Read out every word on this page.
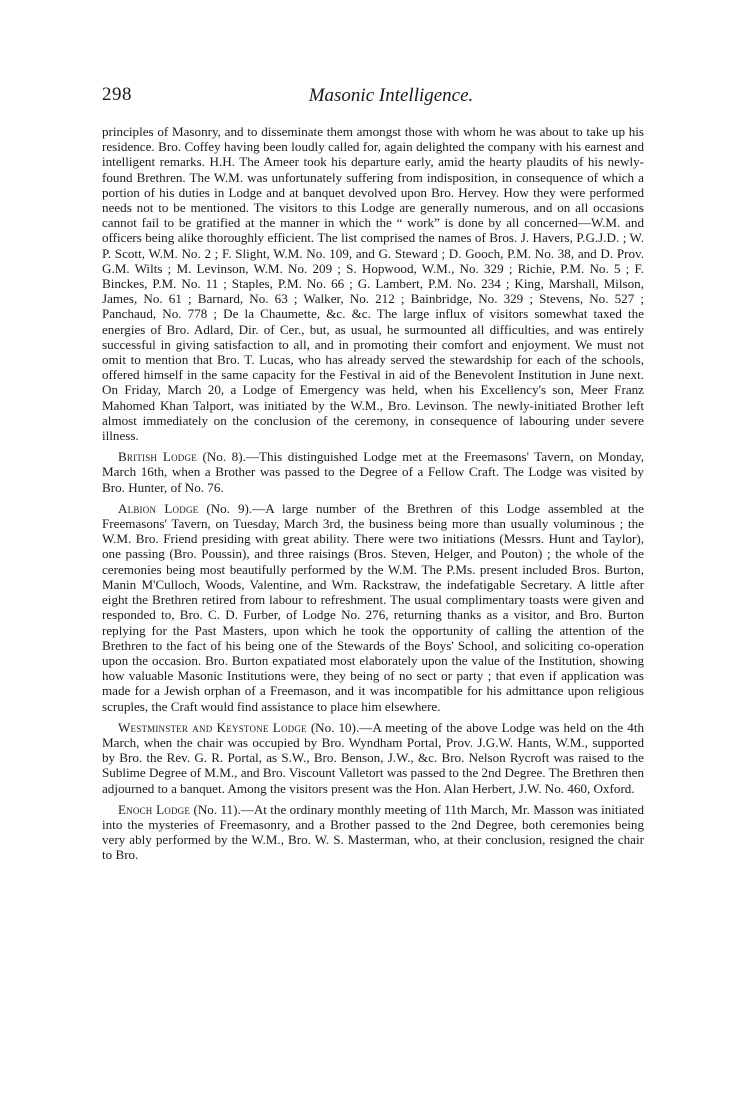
298	Masonic Intelligence.

principles of Masonry, and to disseminate them amongst those with whom he was about to take up his residence. Bro. Coffey having been loudly called for, again delighted the company with his earnest and intelligent remarks. H.H. The Ameer took his departure early, amid the hearty plaudits of his newly-found Brethren. The W.M. was unfortunately suffering from indisposition, in consequence of which a portion of his duties in Lodge and at banquet devolved upon Bro. Hervey. How they were performed needs not to be mentioned. The visitors to this Lodge are generally numerous, and on all occasions cannot fail to be gratified at the manner in which the “ work” is done by all concerned—W.M. and officers being alike thoroughly efficient. The list comprised the names of Bros. J. Havers, P.G.J.D. ; W. P. Scott, W.M. No. 2 ; F. Slight, W.M. No. 109, and G. Steward ; D. Gooch, P.M. No. 38, and D. Prov. G.M. Wilts ; M. Levinson, W.M. No. 209 ; S. Hopwood, W.M., No. 329 ; Richie, P.M. No. 5 ; F. Binckes, P.M. No. 11 ; Staples, P.M. No. 66 ; G. Lambert, P.M. No. 234 ; King, Marshall, Milson, James, No. 61 ; Barnard, No. 63 ; Walker, No. 212 ; Bainbridge, No. 329 ; Stevens, No. 527 ; Panchaud, No. 778 ; De la Chaumette, &c. &c. The large influx of visitors somewhat taxed the energies of Bro. Adlard, Dir. of Cer., but, as usual, he surmounted all difficulties, and was entirely successful in giving satisfaction to all, and in promoting their comfort and enjoyment. We must not omit to mention that Bro. T. Lucas, who has already served the stewardship for each of the schools, offered himself in the same capacity for the Festival in aid of the Benevolent Institution in June next. On Friday, March 20, a Lodge of Emergency was held, when his Excellency's son, Meer Franz Mahomed Khan Talport, was initiated by the W.M., Bro. Levinson. The newly-initiated Brother left almost immediately on the conclusion of the ceremony, in consequence of labouring under severe illness.

British Lodge (No. 8).—This distinguished Lodge met at the Freemasons' Tavern, on Monday, March 16th, when a Brother was passed to the Degree of a Fellow Craft. The Lodge was visited by Bro. Hunter, of No. 76.

Albion Lodge (No. 9).—A large number of the Brethren of this Lodge assembled at the Freemasons' Tavern, on Tuesday, March 3rd, the business being more than usually voluminous ; the W.M. Bro. Friend presiding with great ability. There were two initiations (Messrs. Hunt and Taylor), one passing (Bro. Poussin), and three raisings (Bros. Steven, Helger, and Pouton) ; the whole of the ceremonies being most beautifully performed by the W.M. The P.Ms. present included Bros. Burton, Manin M'Culloch, Woods, Valentine, and Wm. Rackstraw, the indefatigable Secretary. A little after eight the Brethren retired from labour to refreshment. The usual complimentary toasts were given and responded to, Bro. C. D. Furber, of Lodge No. 276, returning thanks as a visitor, and Bro. Burton replying for the Past Masters, upon which he took the opportunity of calling the attention of the Brethren to the fact of his being one of the Stewards of the Boys' School, and soliciting co-operation upon the occasion. Bro. Burton expatiated most elaborately upon the value of the Institution, showing how valuable Masonic Institutions were, they being of no sect or party ; that even if application was made for a Jewish orphan of a Freemason, and it was incompatible for his admittance upon religious scruples, the Craft would find assistance to place him elsewhere.

Westminster and Keystone Lodge (No. 10).—A meeting of the above Lodge was held on the 4th March, when the chair was occupied by Bro. Wyndham Portal, Prov. J.G.W. Hants, W.M., supported by Bro. the Rev. G. R. Portal, as S.W., Bro. Benson, J.W., &c. Bro. Nelson Rycroft was raised to the Sublime Degree of M.M., and Bro. Viscount Valletort was passed to the 2nd Degree. The Brethren then adjourned to a banquet. Among the visitors present was the Hon. Alan Herbert, J.W. No. 460, Oxford.

Enoch Lodge (No. 11).—At the ordinary monthly meeting of 11th March, Mr. Masson was initiated into the mysteries of Freemasonry, and a Brother passed to the 2nd Degree, both ceremonies being very ably performed by the W.M., Bro. W. S. Masterman, who, at their conclusion, resigned the chair to Bro.
